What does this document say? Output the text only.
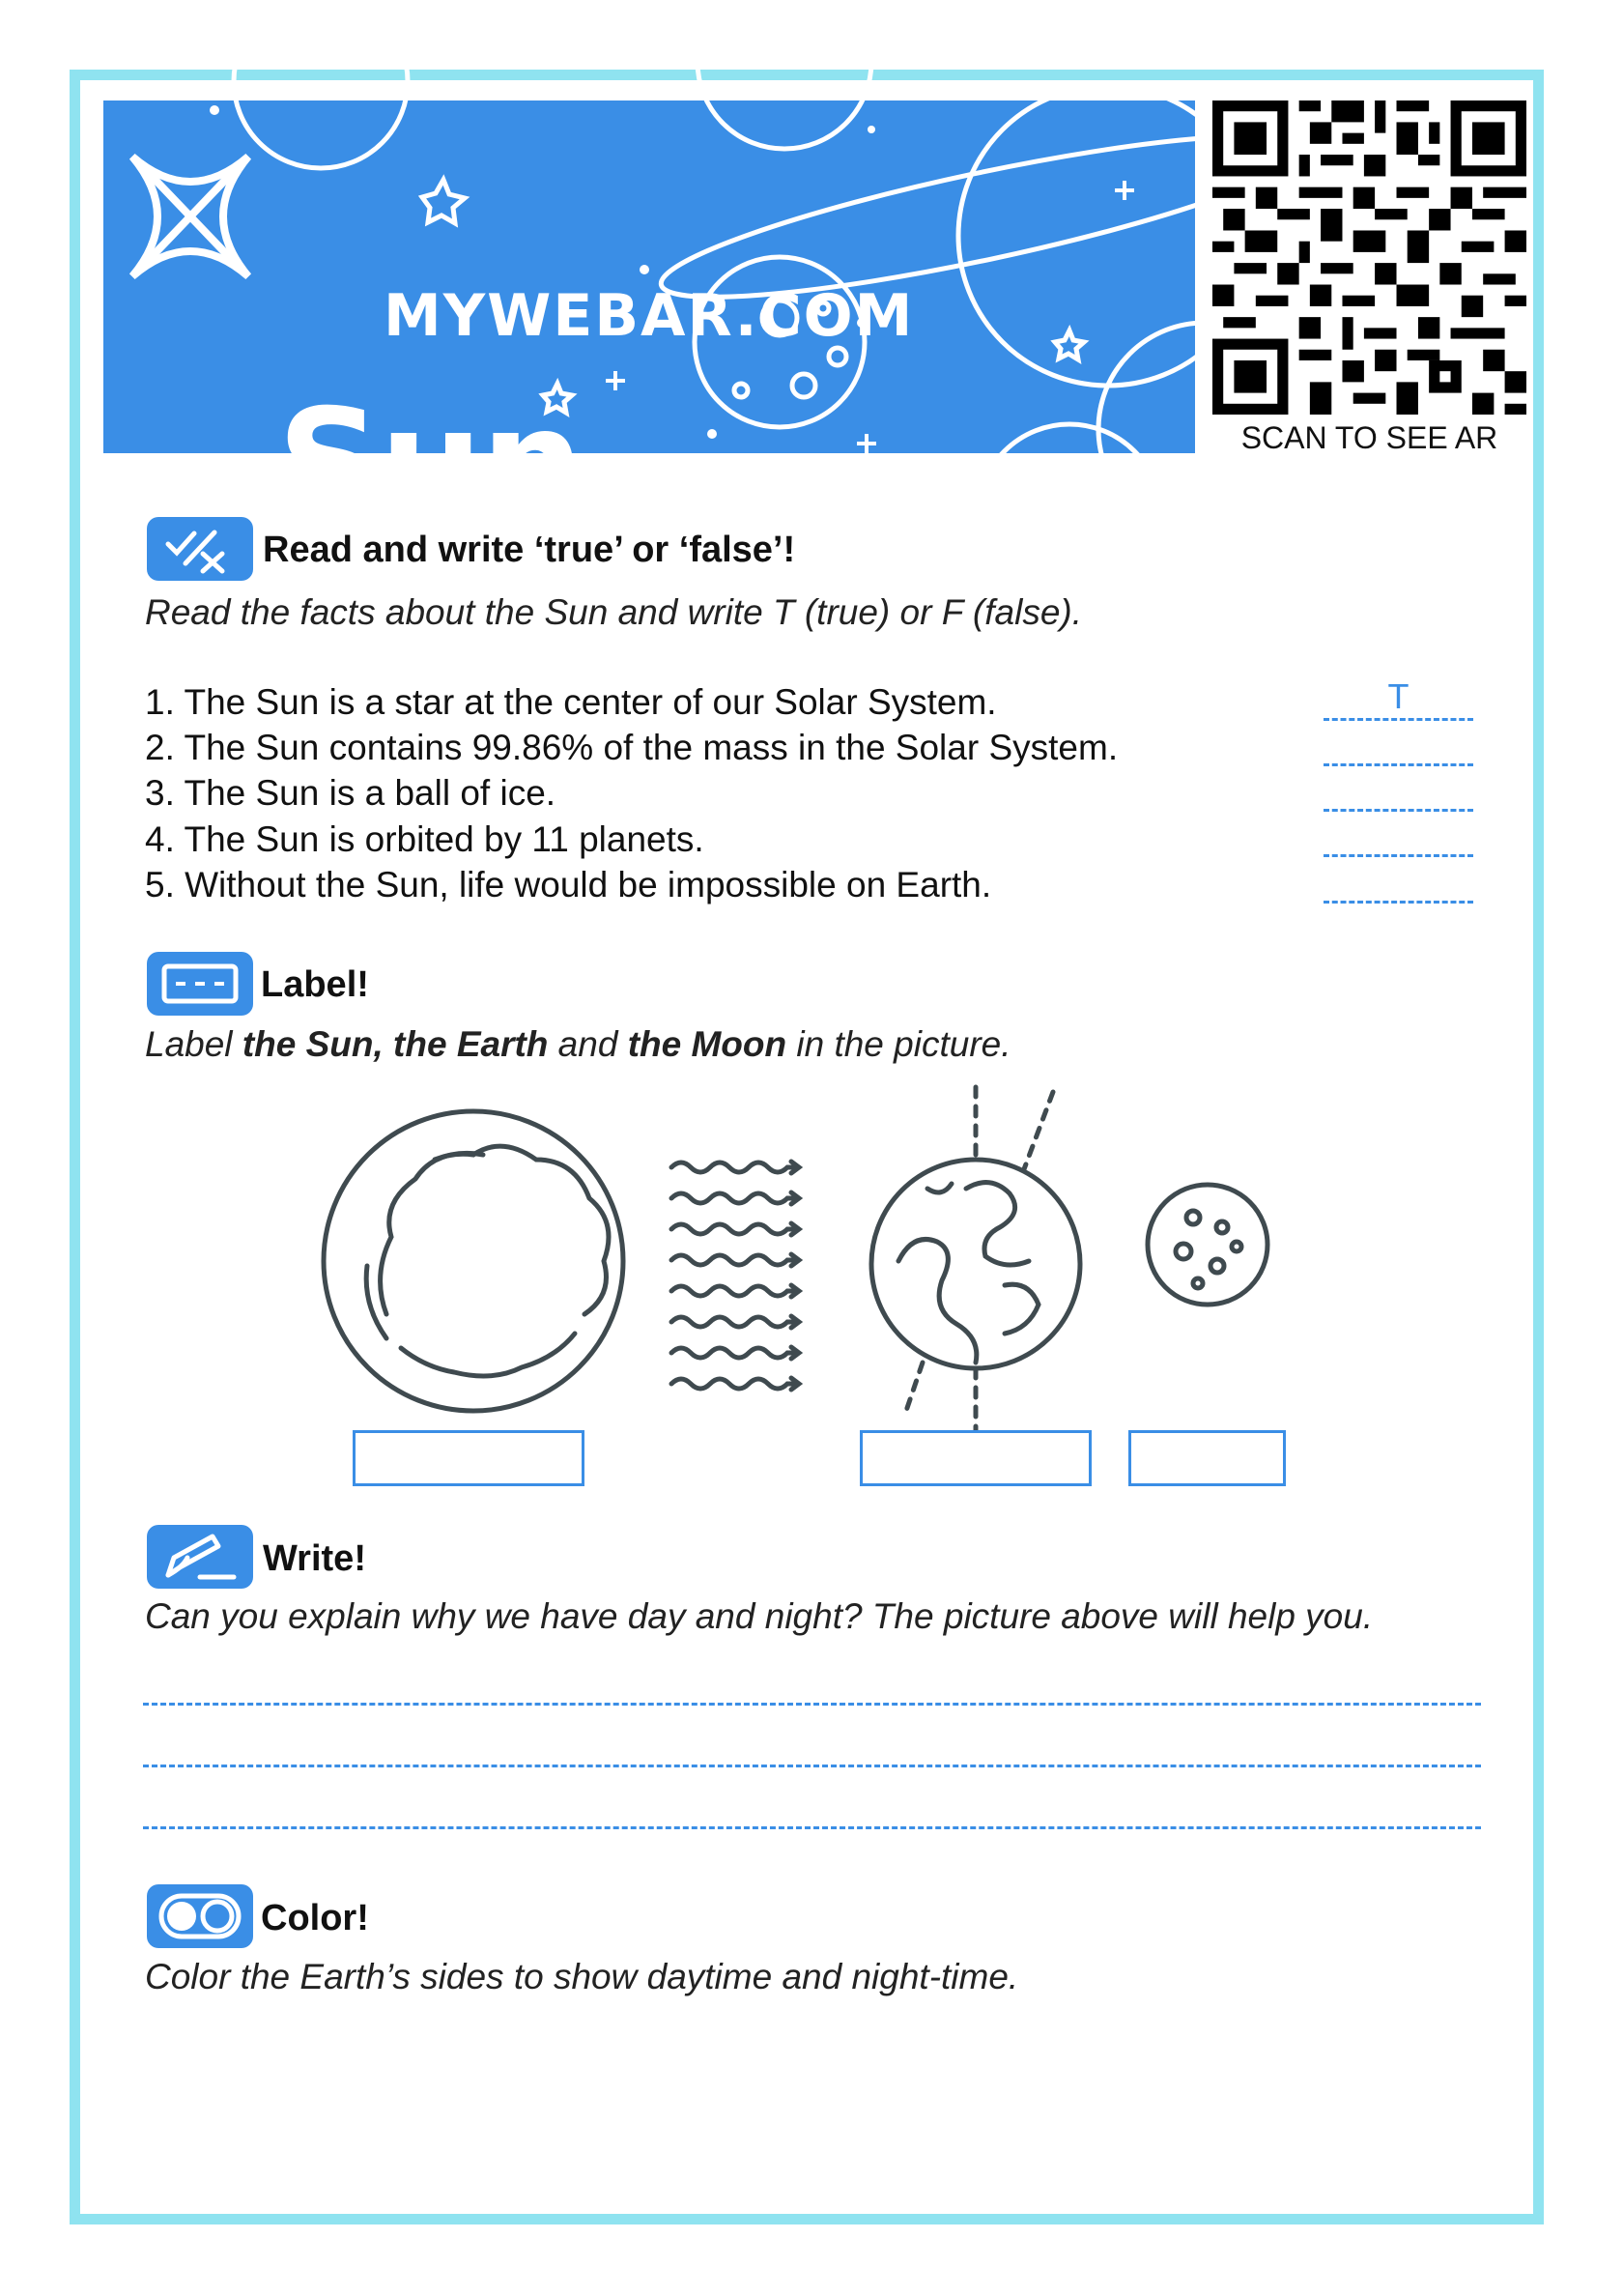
MYWEBAR.COM
Sun	SCAN TO SEE AR
Read and write ‘true’ or ‘false’!
Read the facts about the Sun and write T (true) or F (false).
1. The Sun is a star at the center of our Solar System.
2. The Sun contains 99.86% of the mass in the Solar System.
3. The Sun is a ball of ice.
4. The Sun is orbited by 11 planets.
5. Without the Sun, life would be impossible on Earth.
T
Label!
Label the Sun, the Earth and the Moon in the picture.
Write!
Can you explain why we have day and night? The picture above will help you.
Color!
Color the Earth’s sides to show daytime and night-time.
